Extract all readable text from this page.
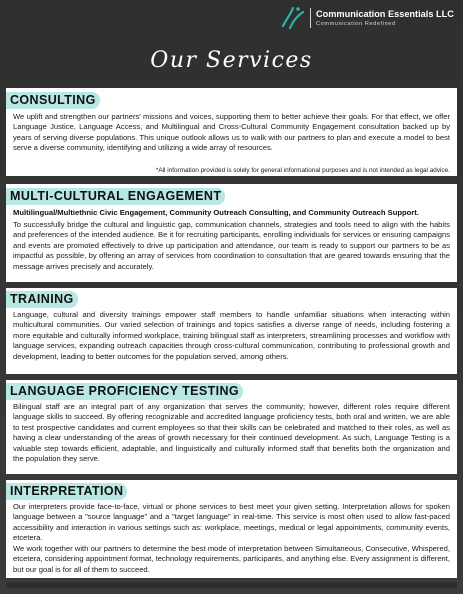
Communication Essentials LLC
Communication Redefined
Our Services
CONSULTING
We uplift and strengthen our partners' missions and voices, supporting them to better achieve their goals. For that effect, we offer Language Justice, Language Access, and Multilingual and Cross-Cultural Community Engagement consultation backed up by years of serving diverse populations. This unique outlook allows us to walk with our partners to plan and execute a model to best serve a diverse community, identifying and utilizing a wide array of resources.
*All information provided is solely for general informational purposes and is not intended as legal advice.
MULTI-CULTURAL ENGAGEMENT
Multilingual/Multiethnic Civic Engagement, Community Outreach Consulting, and Community Outreach Support.
To successfully bridge the cultural and linguistic gap, communication channels, strategies and tools need to align with the habits and preferences of the intended audience. Be it for recruiting participants, enrolling individuals for services or ensuring campaigns and events are promoted effectively to drive up participation and attendance, our team is ready to support our partners to be as impactful as possible, by offering an array of services from coordination to consultation that are geared towards ensuring that the message arrives precisely and accurately.
TRAINING
Language, cultural and diversity trainings empower staff members to handle unfamiliar situations when interacting within multicultural communities. Our varied selection of trainings and topics satisfies a diverse range of needs, including fostering a more equitable and culturally informed workplace, training bilingual staff as interpreters, streamlining processes and workflow with language services, expanding outreach capacities through cross-cultural communication, contributing to professional growth and development, leading to better outcomes for the population served, among others.
LANGUAGE PROFICIENCY TESTING
Bilingual staff are an integral part of any organization that serves the community; however, different roles require different language skills to succeed. By offering recognizable and accredited language proficiency tests, both oral and written, we are able to test prospective candidates and current employees so that their skills can be celebrated and matched to their roles, as well as having a clear understanding of the areas of growth necessary for their continued development. As such, Language Testing is a valuable step towards efficient, adaptable, and linguistically and culturally informed staff that benefits both the organization and the population they serve.
INTERPRETATION
Our interpreters provide face-to-face, virtual or phone services to best meet your given setting. Interpretation allows for spoken language between a "source language" and a "target language" in real-time. This service is most often used to allow fast-paced accessibility and interaction in various settings such as: workplace, meetings, medical or legal appointments, community events, etcetera.
We work together with our partners to determine the best mode of interpretation between Simultaneous, Consecutive, Whispered, etcetera, considering appointment format, technology requirements, participants, and anything else. Every assignment is different, but our goal is for all of them to succeed.
